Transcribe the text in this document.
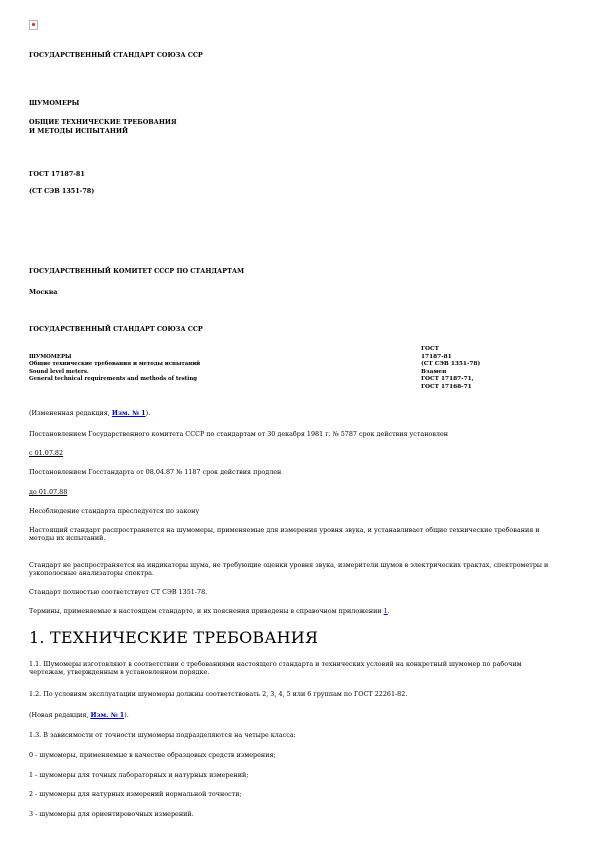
ГОСУДАРСТВЕННЫЙ СТАНДАРТ СОЮЗА ССР
ШУМОМЕРЫ
ОБЩИЕ ТЕХНИЧЕСКИЕ ТРЕБОВАНИЯ
И МЕТОДЫ ИСПЫТАНИЙ
ГОСТ 17187-81
(СТ СЭВ 1351-78)
ГОСУДАРСТВЕННЫЙ КОМИТЕТ СССР ПО СТАНДАРТАМ
Москва
ГОСУДАРСТВЕННЫЙ СТАНДАРТ СОЮЗА ССР
ШУМОМЕРЫ
Общие технические требования и методы испытаний
Sound level meters.
General technical requirements and methods of testing
ГОСТ
17187-81
(СТ СЭВ 1351-78)
Взамен
ГОСТ 17187-71,
ГОСТ 17168-71
(Измененная редакция, Изм. № 1).
Постановлением Государственного комитета СССР по стандартам от 30 декабря 1981 г. № 5787 срок действия установлен
с 01.07.82
Постановлением Госстандарта от 08.04.87 № 1187 срок действия продлен
до 01.07.88
Несоблюдение стандарта преследуется по закону
Настоящий стандарт распространяется на шумомеры, применяемые для измерения уровня звука, и устанавливает общие технические требования и методы их испытаний.
Стандарт не распространяется на индикаторы шума, не требующие оценки уровня звука, измерители шумов в электрических трактах, спектрометры и узкополосные анализаторы спектра.
Стандарт полностью соответствует СТ СЭВ 1351-78.
Термины, применяемые в настоящем стандарте, и их пояснения приведены в справочном приложении 1.
1. ТЕХНИЧЕСКИЕ ТРЕБОВАНИЯ
1.1. Шумомеры изготовляют в соответствии с требованиями настоящего стандарта и технических условий на конкретный шумомер по рабочим чертежам, утвержденным в установленном порядке.
1.2. По условиям эксплуатации шумомеры должны соответствовать 2, 3, 4, 5 или 6 группам по ГОСТ 22261-82.
(Новая редакция, Изм. № 1).
1.3. В зависимости от точности шумомеры подразделяются на четыре класса:
0 - шумомеры, применяемые в качестве образцовых средств измерения;
1 - шумомеры для точных лабораторных и натурных измерений;
2 - шумомеры для натурных измерений нормальной точности;
3 - шумомеры для ориентировочных измерений.
